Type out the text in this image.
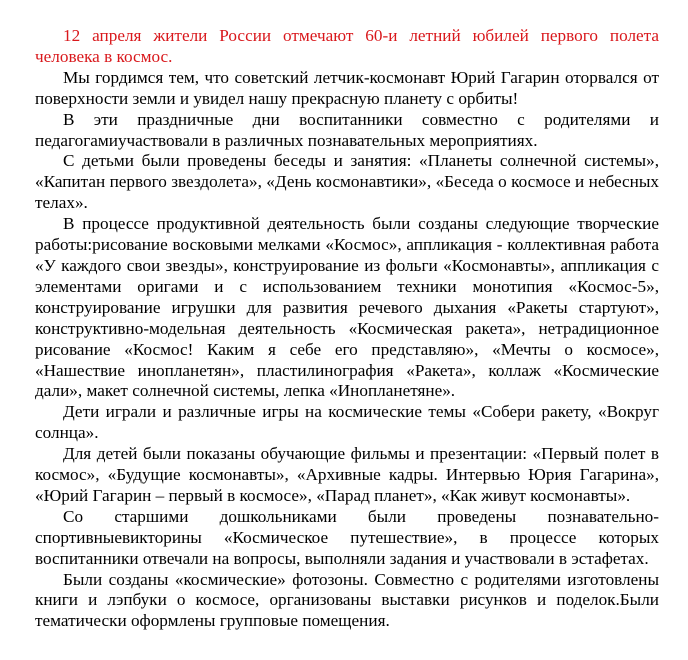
12 апреля жители России отмечают 60-и летний юбилей первого полета человека в космос.

Мы гордимся тем, что советский летчик-космонавт Юрий Гагарин оторвался от поверхности земли и увидел нашу прекрасную планету с орбиты!

В эти праздничные дни воспитанники совместно с родителями и педагогамиучаствовали в различных познавательных мероприятиях.

С детьми были проведены беседы и занятия: «Планеты солнечной системы», «Капитан первого звездолета», «День космонавтики», «Беседа о космосе и небесных телах».

В процессе продуктивной деятельность были созданы следующие творческие работы:рисование восковыми мелками «Космос», аппликация - коллективная работа «У каждого свои звезды», конструирование из фольги «Космонавты», аппликация с элементами оригами и с использованием техники монотипия «Космос-5», конструирование игрушки для развития речевого дыхания «Ракеты стартуют», конструктивно-модельная деятельность «Космическая ракета», нетрадиционное рисование «Космос! Каким я себе его представляю», «Мечты о космосе», «Нашествие инопланетян», пластилинография «Ракета», коллаж «Космические дали», макет солнечной системы, лепка «Инопланетяне».

Дети играли и различные игры на космические темы «Собери ракету, «Вокруг солнца».

Для детей были показаны обучающие фильмы и презентации: «Первый полет в космос», «Будущие космонавты», «Архивные кадры. Интервью Юрия Гагарина», «Юрий Гагарин – первый в космосе», «Парад планет», «Как живут космонавты».

Со старшими дошкольниками были проведены познавательно-спортивныевикторины «Космическое путешествие», в процессе которых воспитанники отвечали на вопросы, выполняли задания и участвовали в эстафетах.

Были созданы «космические» фотозоны. Совместно с родителями изготовлены книги и лэпбуки о космосе, организованы выставки рисунков и поделок.Были тематически оформлены групповые помещения.
